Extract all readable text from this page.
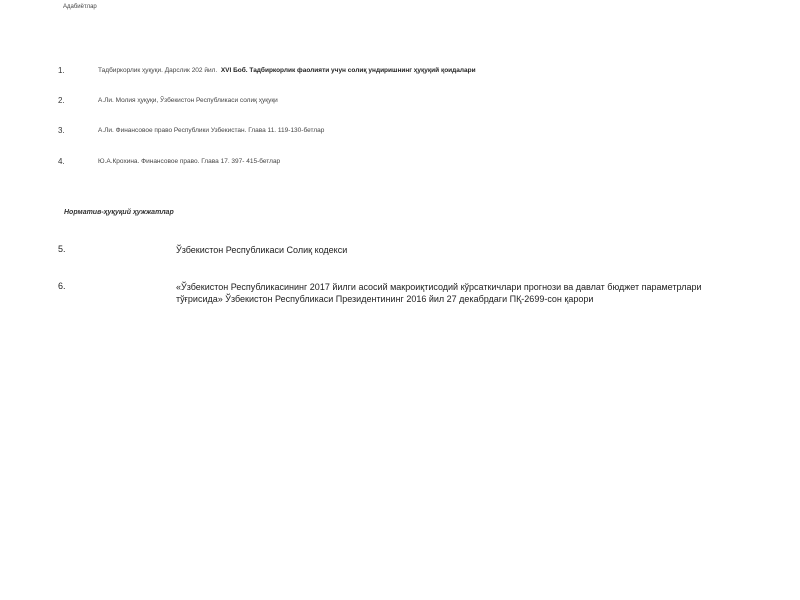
Адабиётлар
1.	Тадбиркорлик ҳуқуқи. Дарслик 202 йил. XVI Боб. Тадбиркорлик фаолияти учун солиқ ундиришнинг ҳуқуқий қоидалари
2.	А.Ли. Молия ҳуқуқи, Ўзбекистон Республикаси солиқ ҳуқуқи
3.	А.Ли. Финансовое право Республики Узбекистан. Глава 11. 119-130-бетлар
4.	Ю.А.Крохина. Финансовое право. Глава 17. 397- 415-бетлар
Норматив-ҳуқуқий ҳужжатлар
5.	Ўзбекистон Республикаси Солиқ кодекси
6.	«Ўзбекистон Республикасининг 2017 йилги асосий макроиқтисодий кўрсаткичлари прогнози ва давлат бюджет параметрлари тўғрисида» Ўзбекистон Республикаси Президентининг 2016 йил 27 декабрдаги ПҚ-2699-сон қарори
